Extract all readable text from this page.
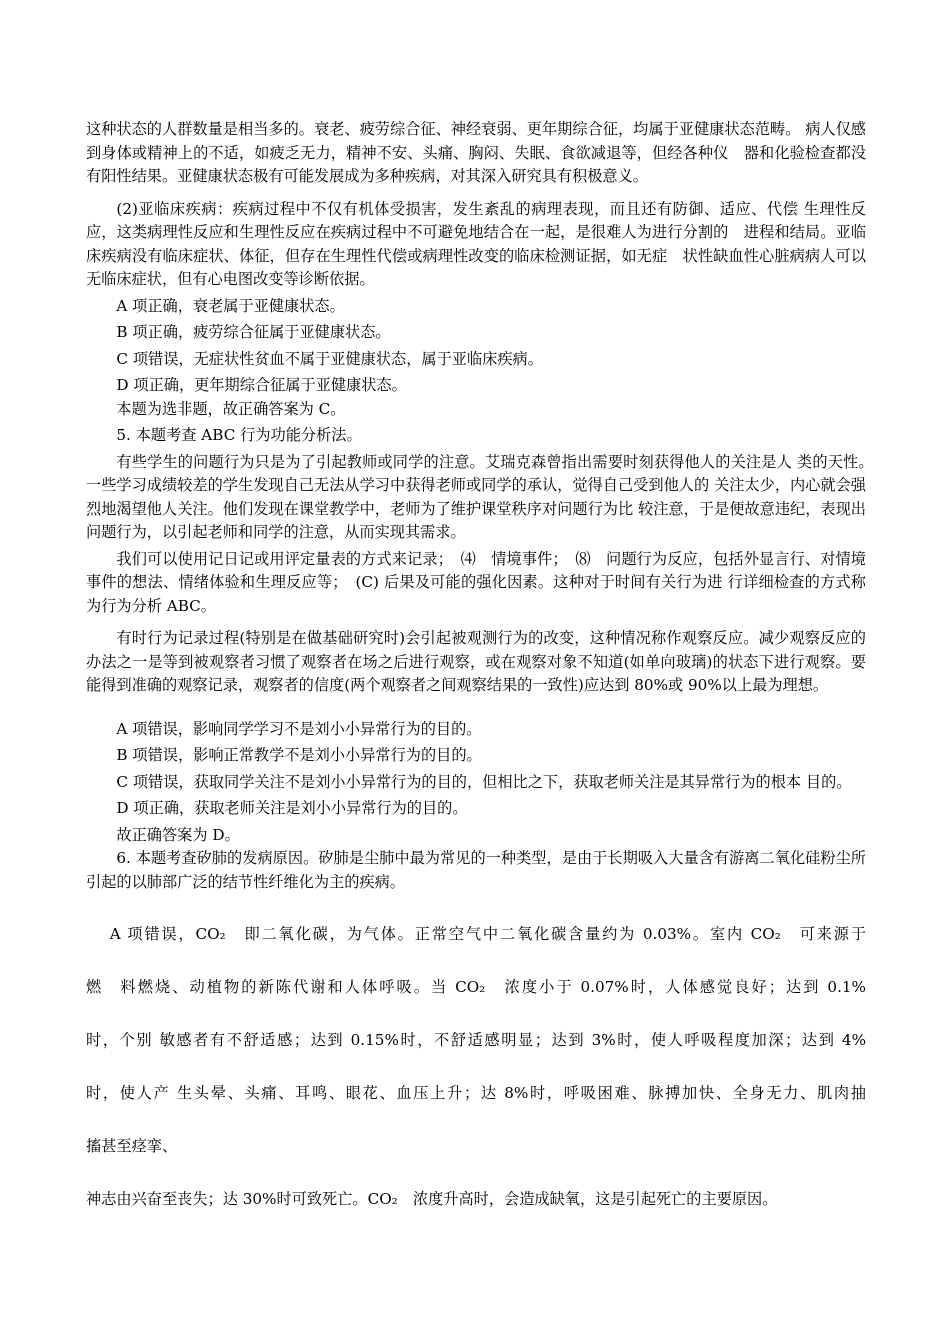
这种状态的人群数量是相当多的。衰老、疲劳综合征、神经衰弱、更年期综合征，均属于亚健康状态范畴。 病人仅感到身体或精神上的不适，如疲乏无力，精神不安、头痛、胸闷、失眠、食欲减退等，但经各种仪　器和化验检查都没有阳性结果。亚健康状态极有可能发展成为多种疾病，对其深入研究具有积极意义。

(2)亚临床疾病：疾病过程中不仅有机体受损害，发生紊乱的病理表现，而且还有防御、适应、代偿 生理性反应，这类病理性反应和生理性反应在疾病过程中不可避免地结合在一起，是很难人为进行分割的　进程和结局。亚临床疾病没有临床症状、体征，但存在生理性代偿或病理性改变的临床检测证据，如无症　状性缺血性心脏病病人可以无临床症状，但有心电图改变等诊断依据。

A 项正确，衰老属于亚健康状态。

B 项正确，疲劳综合征属于亚健康状态。

C 项错误，无症状性贫血不属于亚健康状态，属于亚临床疾病。

D 项正确，更年期综合征属于亚健康状态。

本题为选非题，故正确答案为 C。

5. 本题考查 ABC 行为功能分析法。

有些学生的问题行为只是为了引起教师或同学的注意。艾瑞克森曾指出需要时刻获得他人的关注是人 类的天性。　一些学习成绩较差的学生发现自己无法从学习中获得老师或同学的承认，觉得自己受到他人的 关注太少，内心就会强烈地渴望他人关注。他们发现在课堂教学中，老师为了维护课堂秩序对问题行为比 较注意，于是便故意违纪，表现出问题行为，以引起老师和同学的注意，从而实现其需求。

我们可以使用记日记或用评定量表的方式来记录；　⑷　情境事件；　⑻　问题行为反应，包括外显言行、对情境事件的想法、情绪体验和生理反应等；　(C) 后果及可能的强化因素。这种对于时间有关行为进 行详细检查的方式称为行为分析 ABC。

有时行为记录过程(特别是在做基础研究时)会引起被观测行为的改变，这种情况称作观察反应。减少观察反应的办法之一是等到被观察者习惯了观察者在场之后进行观察，或在观察对象不知道(如单向玻璃)的状态下进行观察。要能得到准确的观察记录，观察者的信度(两个观察者之间观察结果的一致性)应达到 80%或 90%以上最为理想。

A 项错误，影响同学学习不是刘小小异常行为的目的。

B 项错误，影响正常教学不是刘小小异常行为的目的。

C 项错误，获取同学关注不是刘小小异常行为的目的，但相比之下，获取老师关注是其异常行为的根本 目的。

D 项正确，获取老师关注是刘小小异常行为的目的。

故正确答案为 D。

6. 本题考查矽肺的发病原因。矽肺是尘肺中最为常见的一种类型，是由于长期吸入大量含有游离二氧化硅粉尘所引起的以肺部广泛的结节性纤维化为主的疾病。

　 A 项错误，CO₂　即二氧化碳，为气体。正常空气中二氧化碳含量约为 0.03%。室内 CO₂　可来源于

燃　料燃烧、动植物的新陈代谢和人体呼吸。当 CO₂　浓度小于 0.07%时，人体感觉良好；达到 0.1%

时，个别 敏感者有不舒适感；达到 0.15%时，不舒适感明显；达到 3%时，使人呼吸程度加深；达到 4%

时，使人产 生头晕、头痛、耳鸣、眼花、血压上升；达 8%时，呼吸困难、脉搏加快、全身无力、肌肉抽

搐甚至痉挛、

神志由兴奋至丧失；达 30%时可致死亡。CO₂　浓度升高时，会造成缺氧，这是引起死亡的主要原因。
